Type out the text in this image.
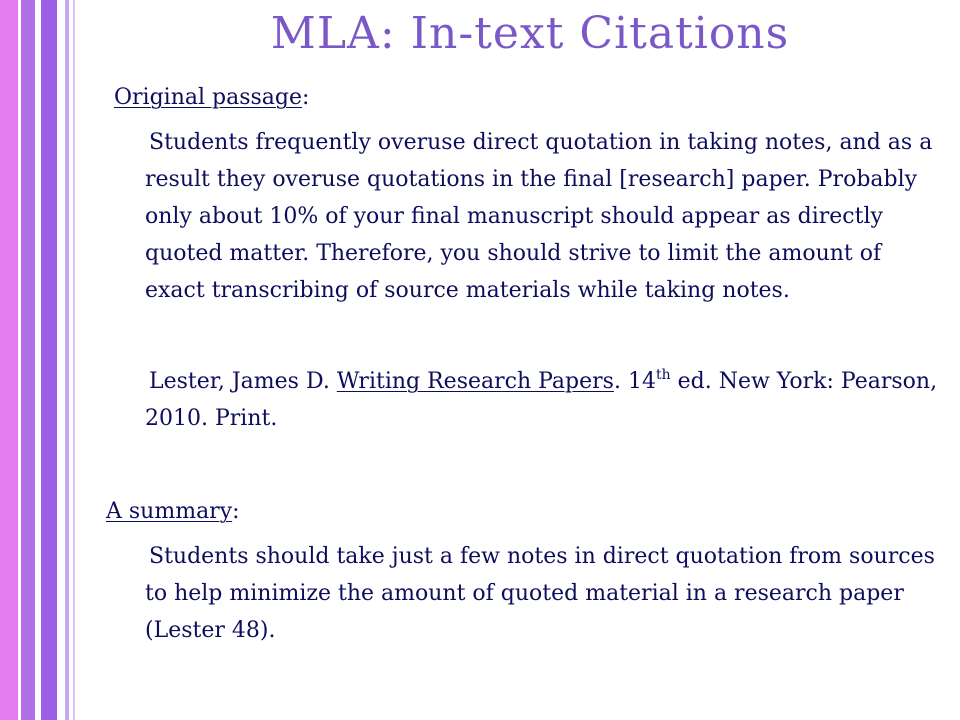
MLA: In-text Citations
Original passage:
Students frequently overuse direct quotation in taking notes, and as a result they overuse quotations in the final [research] paper. Probably only about 10% of your final manuscript should appear as directly quoted matter. Therefore, you should strive to limit the amount of exact transcribing of source materials while taking notes.
Lester, James D. Writing Research Papers. 14th ed. New York: Pearson, 2010. Print.
A summary:
Students should take just a few notes in direct quotation from sources to help minimize the amount of quoted material in a research paper (Lester 48).
